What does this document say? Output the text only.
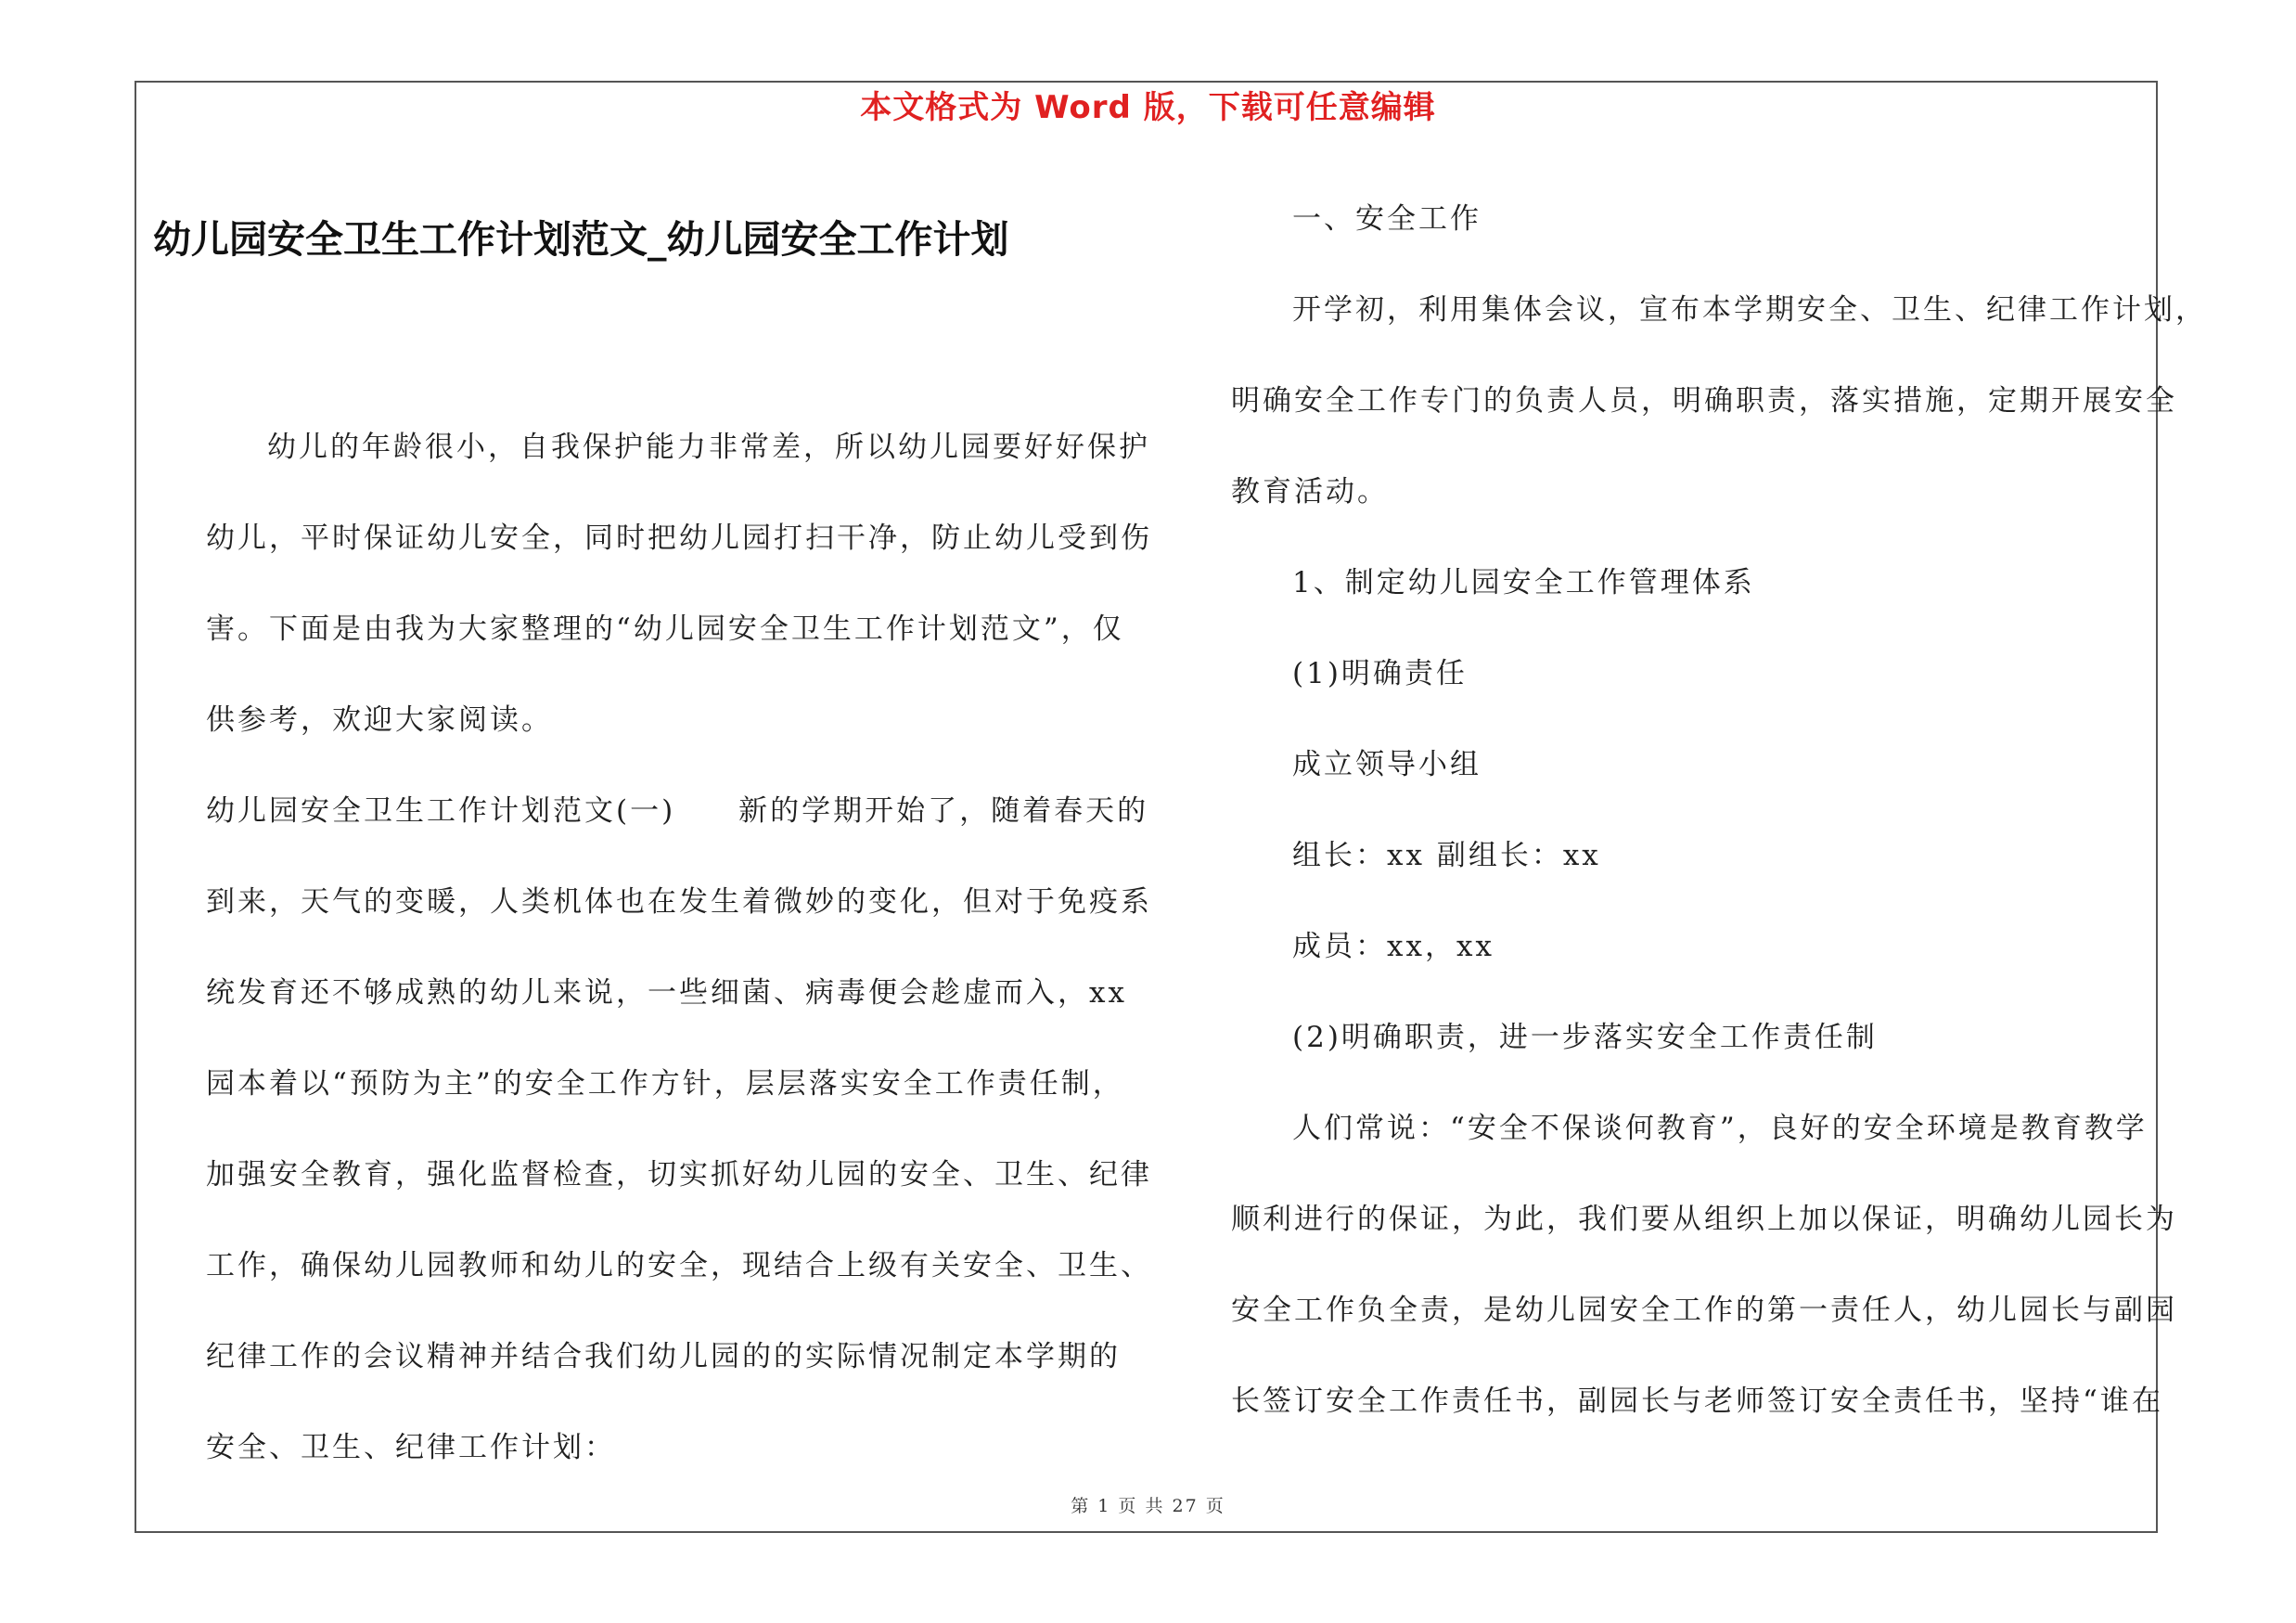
本文格式为 Word 版，下载可任意编辑
幼儿园安全卫生工作计划范文_幼儿园安全工作计划
幼儿的年龄很小，自我保护能力非常差，所以幼儿园要好好保护
幼儿，平时保证幼儿安全，同时把幼儿园打扫干净，防止幼儿受到伤
害。下面是由我为大家整理的“幼儿园安全卫生工作计划范文”，仅
供参考，欢迎大家阅读。
幼儿园安全卫生工作计划范文(一)　　新的学期开始了，随着春天的
到来，天气的变暖，人类机体也在发生着微妙的变化，但对于免疫系
统发育还不够成熟的幼儿来说，一些细菌、病毒便会趁虚而入，xx
园本着以“预防为主”的安全工作方针，层层落实安全工作责任制，
加强安全教育，强化监督检查，切实抓好幼儿园的安全、卫生、纪律
工作，确保幼儿园教师和幼儿的安全，现结合上级有关安全、卫生、
纪律工作的会议精神并结合我们幼儿园的的实际情况制定本学期的
安全、卫生、纪律工作计划：
一、安全工作
开学初，利用集体会议，宣布本学期安全、卫生、纪律工作计划，
明确安全工作专门的负责人员，明确职责，落实措施，定期开展安全
教育活动。
1、制定幼儿园安全工作管理体系
(1)明确责任
成立领导小组
组长：xx 副组长：xx
成员：xx，xx
(2)明确职责，进一步落实安全工作责任制
人们常说：“安全不保谈何教育”，良好的安全环境是教育教学
顺利进行的保证，为此，我们要从组织上加以保证，明确幼儿园长为
安全工作负全责，是幼儿园安全工作的第一责任人，幼儿园长与副园
长签订安全工作责任书，副园长与老师签订安全责任书，坚持“谁在
第 1 页 共 27 页
